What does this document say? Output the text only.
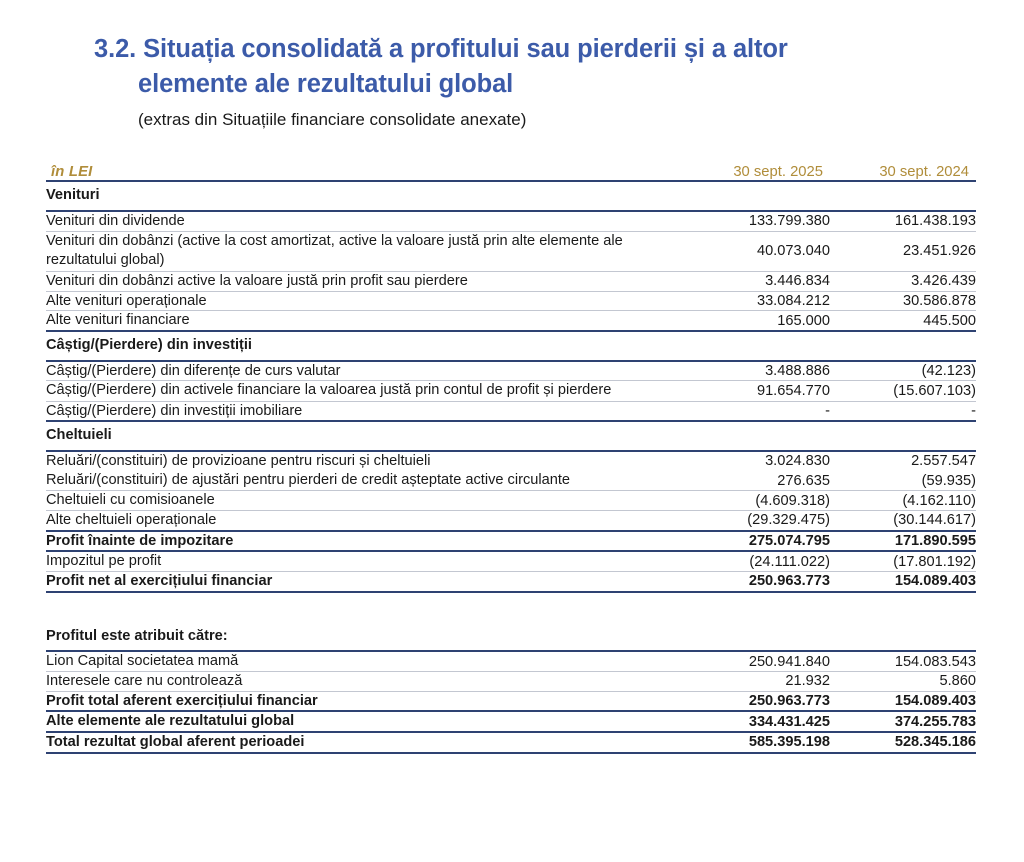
3.2. Situația consolidată a profitului sau pierderii și a altor
elemente ale rezultatului global

(extras din Situațiile financiare consolidate anexate)

în LEI	30 sept. 2025	30 sept. 2024
Venituri		
Venituri din dividende	133.799.380	161.438.193
Venituri din dobânzi (active la cost amortizat, active la valoare justă prin alte elemente ale rezultatului global)	40.073.040	23.451.926
Venituri din dobânzi active la valoare justă prin profit sau pierdere	3.446.834	3.426.439
Alte venituri operaționale	33.084.212	30.586.878
Alte venituri financiare	165.000	445.500
Câștig/(Pierdere) din investiții		
Câștig/(Pierdere) din diferențe de curs valutar	3.488.886	(42.123)
Câștig/(Pierdere) din activele financiare la valoarea justă prin contul de profit și pierdere	91.654.770	(15.607.103)
Câștig/(Pierdere) din investiții imobiliare	-	-
Cheltuieli		
Reluări/(constituiri) de provizioane pentru riscuri și cheltuieli	3.024.830	2.557.547
Reluări/(constituiri) de ajustări pentru pierderi de credit așteptate active circulante	276.635	(59.935)
Cheltuieli cu comisioanele	(4.609.318)	(4.162.110)
Alte cheltuieli operaționale	(29.329.475)	(30.144.617)
Profit înainte de impozitare	275.074.795	171.890.595
Impozitul pe profit	(24.111.022)	(17.801.192)
Profit net al exercițiului financiar	250.963.773	154.089.403
Profitul este atribuit către:		
Lion Capital societatea mamă	250.941.840	154.083.543
Interesele care nu controlează	21.932	5.860
Profit total aferent exercițiului financiar	250.963.773	154.089.403
Alte elemente ale rezultatului global	334.431.425	374.255.783
Total rezultat global aferent perioadei	585.395.198	528.345.186
